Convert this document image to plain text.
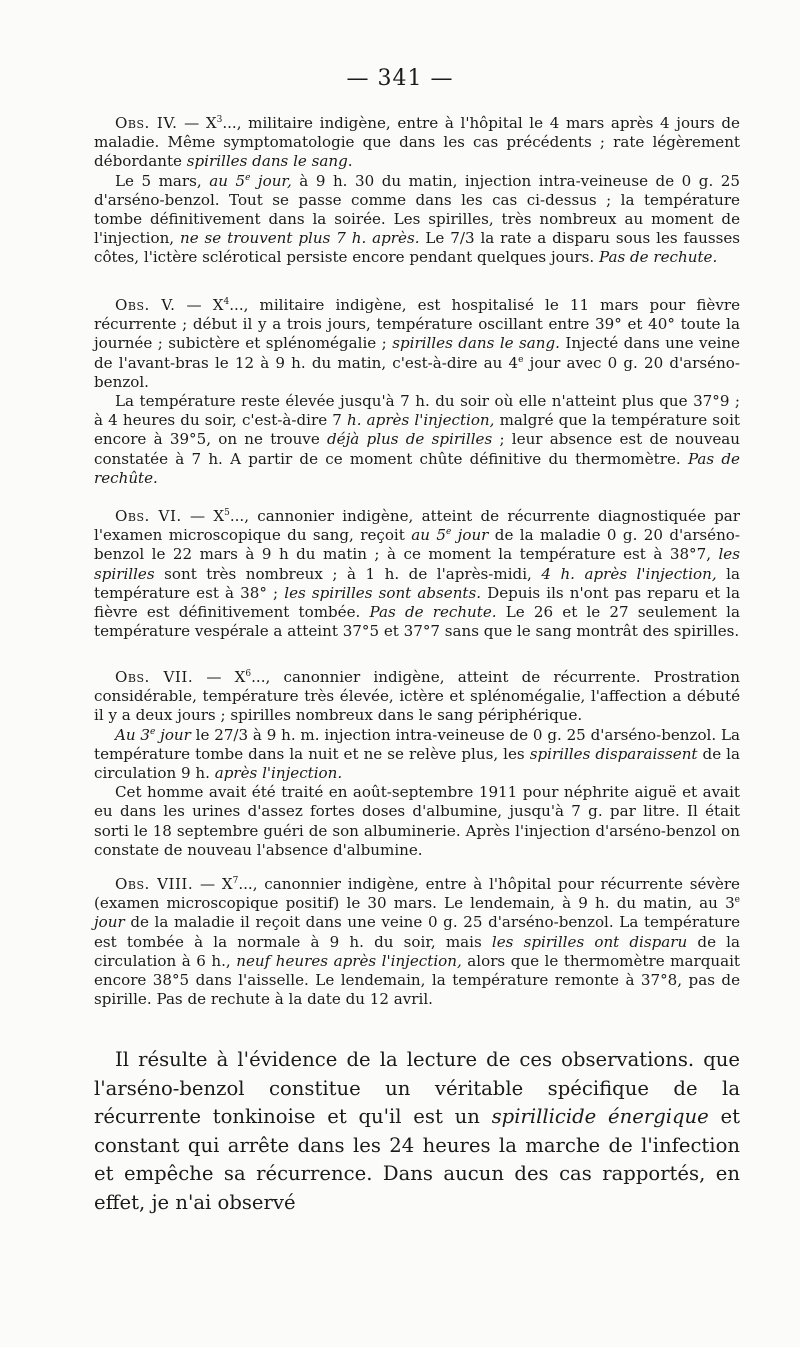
— 341 —

Obs. IV. — $X^3$..., militaire indigène, entre à l'hôpital le 4 mars après 4 jours de maladie. Même symptomatologie que dans les cas précédents ; rate légèrement débordante spirilles dans le sang.

Le 5 mars, au 5e jour, à 9 h. 30 du matin, injection intra-veineuse de 0 g. 25 d'arséno-benzol. Tout se passe comme dans les cas ci-dessus ; la température tombe définitivement dans la soirée. Les spirilles, très nombreux au moment de l'injection, ne se trouvent plus 7 h. après. Le 7/3 la rate a disparu sous les fausses côtes, l'ictère sclérotical persiste encore pendant quelques jours. Pas de rechute.

Obs. V. — $X^4$..., militaire indigène, est hospitalisé le 11 mars pour fièvre récurrente ; début il y a trois jours, température oscillant entre 39° et 40° toute la journée ; subictère et splénomégalie ; spirilles dans le sang. Injecté dans une veine de l'avant-bras le 12 à 9 h. du matin, c'est-à-dire au 4e jour avec 0 g. 20 d'arséno-benzol.

La température reste élevée jusqu'à 7 h. du soir où elle n'atteint plus que 37°9 ; à 4 heures du soir, c'est-à-dire 7 h. après l'injection, malgré que la température soit encore à 39°5, on ne trouve déjà plus de spirilles ; leur absence est de nouveau constatée à 7 h. A partir de ce moment chûte définitive du thermomètre. Pas de rechûte.

Obs. VI. — $X^5$..., cannonier indigène, atteint de récurrente diagnostiquée par l'examen microscopique du sang, reçoit au 5e jour de la maladie 0 g. 20 d'arséno-benzol le 22 mars à 9 h du matin ; à ce moment la température est à 38°7, les spirilles sont très nombreux ; à 1 h. de l'après-midi, 4 h. après l'injection, la température est à 38° ; les spirilles sont absents. Depuis ils n'ont pas reparu et la fièvre est définitivement tombée. Pas de rechute. Le 26 et le 27 seulement la température vespérale a atteint 37°5 et 37°7 sans que le sang montrât des spirilles.

Obs. VII. — $X^6$..., canonnier indigène, atteint de récurrente. Prostration considérable, température très élevée, ictère et splénomégalie, l'affection a débuté il y a deux jours ; spirilles nombreux dans le sang périphérique.

Au 3e jour le 27/3 à 9 h. m. injection intra-veineuse de 0 g. 25 d'arséno-benzol. La température tombe dans la nuit et ne se relève plus, les spirilles disparaissent de la circulation 9 h. après l'injection.

Cet homme avait été traité en août-septembre 1911 pour néphrite aiguë et avait eu dans les urines d'assez fortes doses d'albumine, jusqu'à 7 g. par litre. Il était sorti le 18 septembre guéri de son albuminerie. Après l'injection d'arséno-benzol on constate de nouveau l'absence d'albumine.

Obs. VIII. — $X^7$..., canonnier indigène, entre à l'hôpital pour récurrente sévère (examen microscopique positif) le 30 mars. Le lendemain, à 9 h. du matin, au 3e jour de la maladie il reçoit dans une veine 0 g. 25 d'arséno-benzol. La température est tombée à la normale à 9 h. du soir, mais les spirilles ont disparu de la circulation à 6 h., neuf heures après l'injection, alors que le thermomètre marquait encore 38°5 dans l'aisselle. Le lendemain, la température remonte à 37°8, pas de spirille. Pas de rechute à la date du 12 avril.

Il résulte à l'évidence de la lecture de ces observations. que l'arséno-benzol constitue un véritable spécifique de la récurrente tonkinoise et qu'il est un spirillicide énergique et constant qui arrête dans les 24 heures la marche de l'infection et empêche sa récurrence. Dans aucun des cas rapportés, en effet, je n'ai observé
